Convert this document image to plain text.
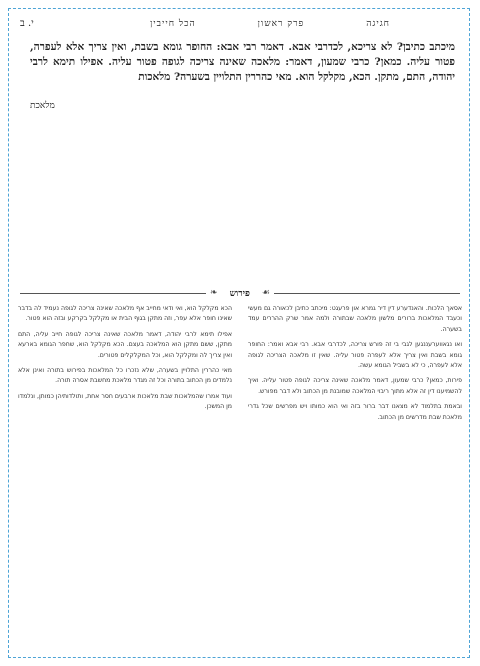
י. ב	חגיגה
פרק ראשון
הכל חייבין
מיכתב כתיבן? לא צריכא, לכדרבי אבא. דאמר רבי אבא: החופר גומא בשבת, ואין צריך אלא לעפרה, פטור עליה. כמאן? כרבי שמעון, דאמר: מלאכה שאינה צריכה לגופה פטור עליה. אפילו תימא לרבי יהודה, התם, מתקן. הכא, מקלקל הוא. מאי כהררין התלויין בשערה? מלאכות
מלאכת
❧	פירוש	☙

אסאך הלכות. והאנדערע דין דיר גמרא און פרעגט: מיכתב כתיבן לכאורה גם מעשי וכעבד המלאכות ברורים מלשון מלאכה שבתורה ולמה אמר שרק ההררים עמד בשערה.

ואו נגאווערעננגען לגבי בי זה פורש צריכה, לכדרבי אבא. רבי אבא ואמר: החופר גומא בשבת ואין צריך אלא לעפרה פטור עליה. שאין זו מלאכה הצריכה לגופה אלא לעפרה, כי לא בשביל הגומא עשה.

פירות, כמאן? כרבי שמעון, דאמר מלאכה שאינה צריכה לגופה פטור עליה. ואיך להשמיענו דין זה אלא מתוך ריבוי המלאכה שמובנת מן הכתוב ולא דבר מפורש.

ובאמת בתלמוד לא מצאנו דבר ברור בזה ואי הוא כמותו ויש מפרשים שכל גדרי מלאכת שבת מדרשים מן הכתוב.

הכא מקלקל הוא, ואי ודאי מחייב אף מלאכה שאינה צריכה לגופה נעמיד לה בדבר שאינו חופר אלא עפר, וזה מתקן בגוף הבית או מקלקל בקרקע ובזה הוא פטור.

אפילו תימא לרבי יהודה, דאמר מלאכה שאינה צריכה לגופה חייב עליה, התם מתקן, ששם מתקן הוא המלאכה בעצם. הכא מקלקל הוא, שחפר הגומא בארעא ואין צריך לה ומקלקל הוא, וכל המקלקלים פטורים.

מאי כהררין התלויין בשערה, שלא נזכרו כל המלאכות בפירוש בתורה ואינן אלא נלמדים מן הכתוב בתורה וכל זה מגדר מלאכת מחשבת אסרה תורה.

ועוד אמרו שהמלאכות שבת מלאכות ארבעים חסר אחת, ותולדותיהן כמותן, ונלמדו מן המשכן.
